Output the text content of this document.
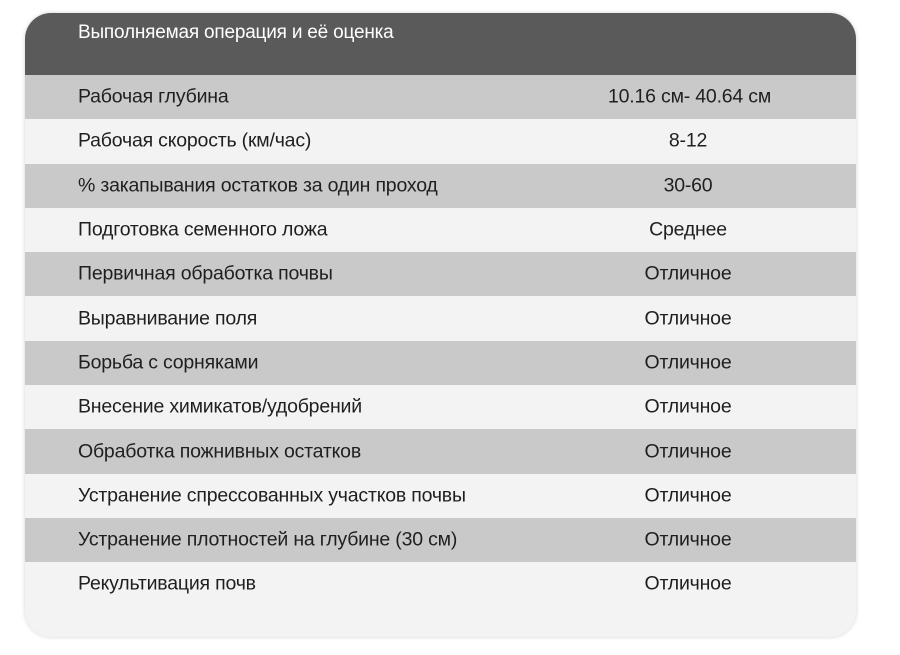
Выполняемая операция и её оценка
Рабочая глубина	10.16 см- 40.64 см
Рабочая скорость (км/час)	8-12
% закапывания остатков за один проход	30-60
Подготовка семенного ложа	Среднее
Первичная обработка почвы	Отличное
Выравнивание поля	Отличное
Борьба с сорняками	Отличное
Внесение химикатов/удобрений	Отличное
Обработка пожнивных остатков	Отличное
Устранение спрессованных участков почвы	Отличное
Устранение плотностей на глубине (30 см)	Отличное
Рекультивация почв	Отличное
